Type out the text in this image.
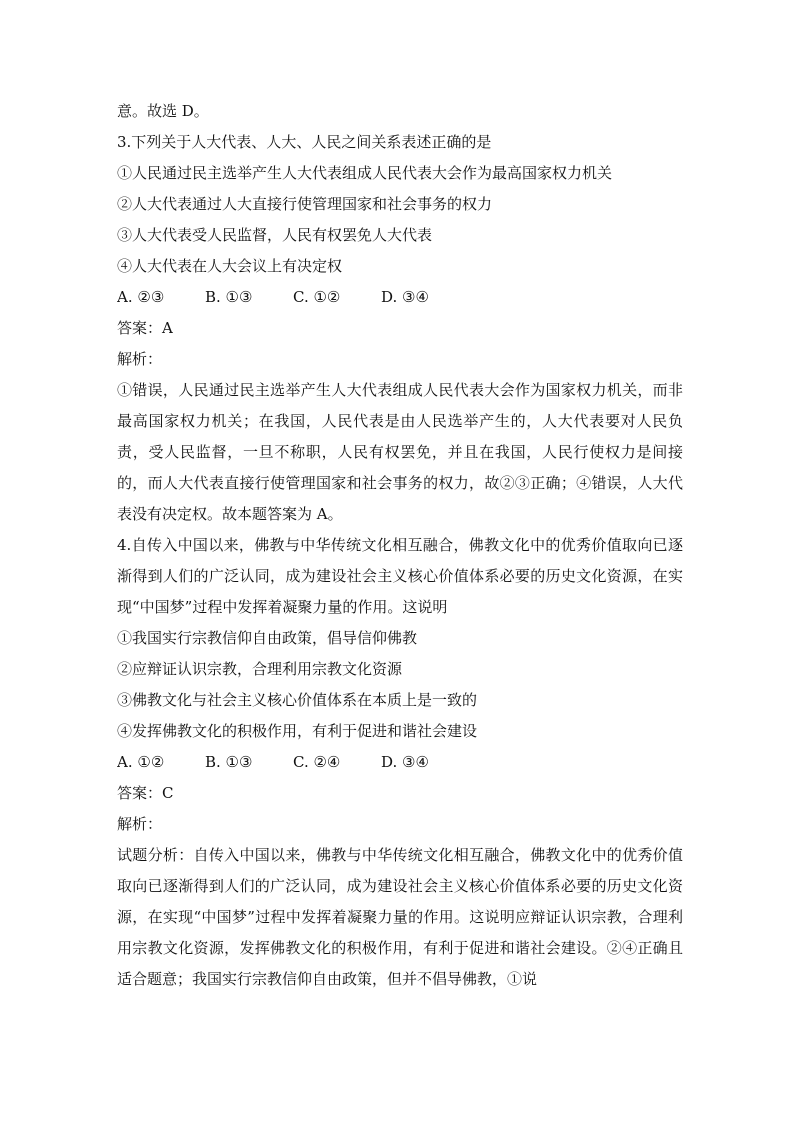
意。故选 D。
3.下列关于人大代表、人大、人民之间关系表述正确的是
①人民通过民主选举产生人大代表组成人民代表大会作为最高国家权力机关
②人大代表通过人大直接行使管理国家和社会事务的权力
③人大代表受人民监督，人民有权罢免人大代表
④人大代表在人大会议上有决定权
A. ②③	B. ①③	C. ①②	D. ③④
答案：A
解析：
①错误，人民通过民主选举产生人大代表组成人民代表大会作为国家权力机关，而非最高国家权力机关；在我国，人民代表是由人民选举产生的，人大代表要对人民负责，受人民监督，一旦不称职，人民有权罢免，并且在我国，人民行使权力是间接的，而人大代表直接行使管理国家和社会事务的权力，故②③正确；④错误，人大代表没有决定权。故本题答案为 A。
4.自传入中国以来，佛教与中华传统文化相互融合，佛教文化中的优秀价值取向已逐渐得到人们的广泛认同，成为建设社会主义核心价值体系必要的历史文化资源，在实现“中国梦”过程中发挥着凝聚力量的作用。这说明
①我国实行宗教信仰自由政策，倡导信仰佛教
②应辩证认识宗教，合理利用宗教文化资源
③佛教文化与社会主义核心价值体系在本质上是一致的
④发挥佛教文化的积极作用，有利于促进和谐社会建设
A. ①②	B. ①③	C. ②④	D. ③④
答案：C
解析：
试题分析：自传入中国以来，佛教与中华传统文化相互融合，佛教文化中的优秀价值取向已逐渐得到人们的广泛认同，成为建设社会主义核心价值体系必要的历史文化资源，在实现“中国梦”过程中发挥着凝聚力量的作用。这说明应辩证认识宗教，合理利用宗教文化资源，发挥佛教文化的积极作用，有利于促进和谐社会建设。②④正确且适合题意；我国实行宗教信仰自由政策，但并不倡导佛教，①说
